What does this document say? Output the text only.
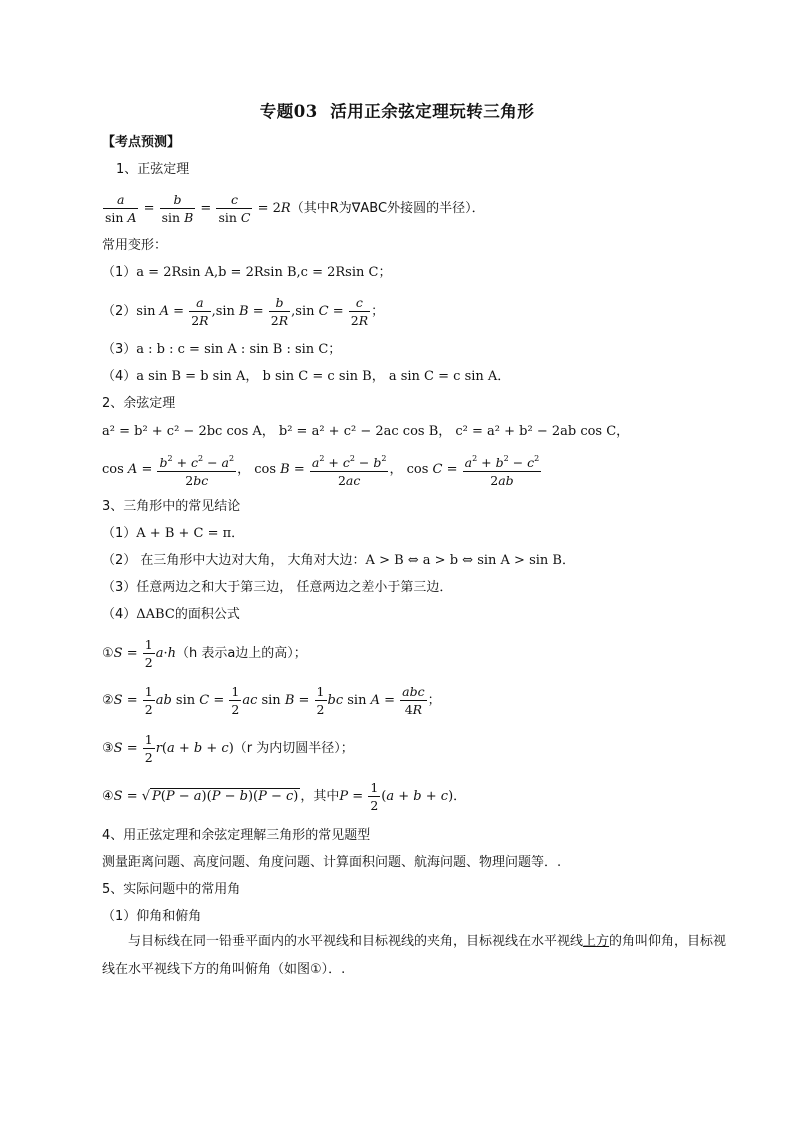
专题03 活用正余弦定理玩转三角形
【考点预测】
1、正弦定理
$\frac{a}{\text{sin A}} = \frac{b}{\text{sin B}} = \frac{c}{\text{sin C}} = 2R$（其中R为∇ABC外接圆的半径）．
常用变形：
（1）a = 2Rsin A,b = 2Rsin B,c = 2Rsin C；
（2）sin $A = \frac{a}{2R} ,\sin$ $B = \frac{b}{2R} ,\sin$ $C = \frac{c}{2R}$ ；
（3）a : b : c = sin A : sin B : sin C；
（4）a sin B = b sin A， b sin C = c sin B， a sin C = c sin A．
2、余弦定理
a² = b² + c² − 2bc cos A， b² = a² + c² − 2ac cos B， c² = a² + b² − 2ab cos C，
$\cos A = \frac{b^2 + c^2 - a^2}{2bc}$ ， $\cos B = \frac{a^2 + c^2 - b^2}{2ac}$ ， $\cos C = \frac{a^2 + b^2 - c^2}{2ab}$
3、三角形中的常见结论
（1）A + B + C = π．
（2） 在三角形中大边对大角， 大角对大边：A > B ⇔ a > b ⇔ sin A > sin B．
（3）任意两边之和大于第三边， 任意两边之差小于第三边．
（4）ΔABC的面积公式
①S = $\frac{1}{2} a\cdot h(h$ 表示a边上的高）；
②S = $\frac{1}{2}$ ab $\sin C = \frac{1}{2}$ ac $\sin B = \frac{1}{2}$ bc $\sin A = \frac{\text{abc}}{4R}$ ；
③S = $\frac{1}{2} r(a + b + c)(r$ 为内切圆半径）；
④S = √ P(P − a)(P − b)(P − c) ，其中$P = \frac{1}{2} (a + b + c)$．
4、用正弦定理和余弦定理解三角形的常见题型
测量距离问题、高度问题、角度问题、计算面积问题、航海问题、物理问题等．.
5、实际问题中的常用角
（1）仰角和俯角
与目标线在同一铅垂平面内的水平视线和目标视线的夹角，目标视线在水平视线上方的角叫仰角，目标视线在水平视线下方的角叫俯角（如图①）．.
